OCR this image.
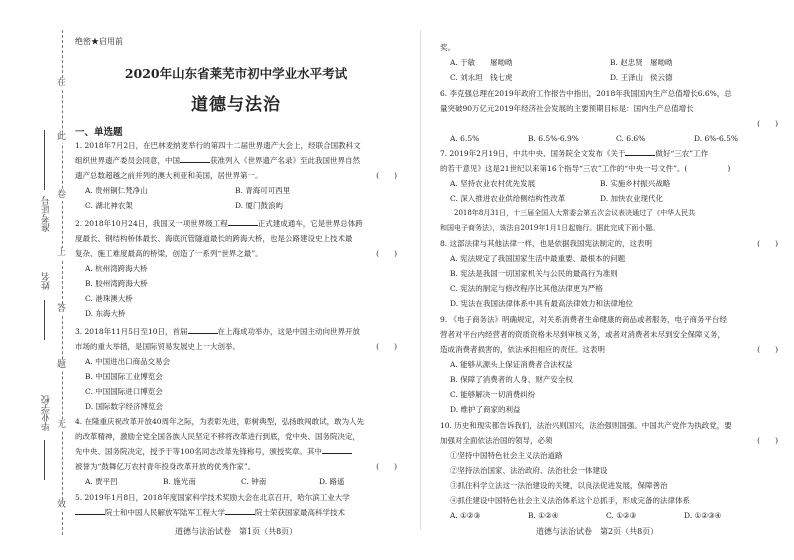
在
此
卷
上
答
题
无
效
准考证号
姓名
毕业学校
绝密★启用前
2020年山东省莱芜市初中学业水平考试
道德与法治
一、单选题
1. 2018年7月2日，在巴林麦纳麦举行的第四十二届世界遗产大会上，经联合国教科文
组织世界遗产委员会同意，中国	获准列入《世界遗产名录》至此我国世界自然
遗产总数超越之前并列的澳大利亚和美国，居世界第一。	(　　)
A. 贵州铜仁梵净山	B. 青海可可西里
C. 湖北神农架	D. 厦门鼓浪屿
2. 2018年10月24日，我国又一项世界级工程	正式建成通车，它是世界总体跨
度最长、钢结构桥体最长、海底沉管隧道最长的跨海大桥，也是公路建设史上技术最
复杂、施工难度最高的桥梁，创造了一系列“世界之最”。	(　　)
A. 杭州湾跨海大桥
B. 胶州湾跨海大桥
C. 港珠澳大桥
D. 东海大桥
3. 2018年11月5日至10日，首届	在上海成功举办，这是中国主动向世界开放
市场的重大举措，是国际贸易发展史上一大创举。	(　　)
A. 中国进出口商品交易会
B. 中国国际工业博览会
C. 中国国际进口博览会
D. 国际数字经济博览会
4. 在隆重庆祝改革开放40周年之际，为表彰先进，彰树典型，弘扬敢闯敢试，敢为人先
的改革精神，激励全党全国各族人民坚定不移将改革进行到底，党中央、国务院决定，
先中央、国务院决定，授予于等100名同志改革先锋称号，颁授奖章。其中
被誉为“鼓舞亿万农村青年投身改革开放的优秀作家”。	(　　)
A. 贾平凹	B. 施光南	C. 钟南	D. 路遥
5. 2019年1月8日，2018年度国家科学技术奖励大会在北京召开，哈尔滨工业大学
院士和中国人民解放军陆军工程大学	院士荣获国家最高科学技术
道德与法治试卷　第1页（共8页）
奖。
A. 于敏 屠呦呦	B. 赵忠贤 屠呦呦
C. 刘永坦 钱七虎	D. 王泽山 侯云德
6. 李克强总理在2019年政府工作报告中指出，2018年我国国内生产总值增长6.6%，总
量突破90万亿元2019年经济社会发展的主要预期目标是：国内生产总值增长

(　　)
A. 6.5%	B. 6.5%-6.9%	C. 6.6%	D. 6%-6.5%
7. 2019年2月19日，中共中央、国务院全文发布《关于	做好“三农”工作
的若干意见》这是21世纪以来第16个指导“三农”工作的“中央一号文件”。(	)
A. 坚持农业农村优先发展	B. 实施乡村振兴战略
C. 深入推进农业供给侧结构性改革	D. 加快农业现代化
2018年8月31日，十三届全国人大常委会第五次会议表决通过了《中华人民共
和国电子商务法》，该法自2019年1月1日起施行。据此完成下面小题。
8. 这部法律与其他法律一样，也是依据我国宪法制定的，这表明	(　　)
A. 宪法规定了我国国家生活中最重要、最根本的问题
B. 宪法是我国一切国家机关与公民的最高行为准则
C. 宪法的制定与修改程序比其他法律更为严格
D. 宪法在我国法律体系中具有最高法律效力和法律地位
9. 《电子商务法》明确规定，对关系消费者生命健康的商品或者服务，电子商务平台经
营者对平台内经营者的资质资格未尽到审核义务，或者对消费者未尽到安全保障义务，
造成消费者损害的，依法承担相应的责任。这表明	(　　)
A. 能够从源头上保证消费者合法权益
B. 保障了消费者的人身、财产安全权
C. 能够解决一切消费纠纷
D. 维护了商家的利益
10. 历史和现实都告诉我们，法治兴则国兴，法治强则国强。中国共产党作为执政党，要
加强对全面依法治国的领导，必须	(　　)
①坚持中国特色社会主义法治道路
②坚持法治国家、法治政府、法治社会一体建设
③抓住科学立法这一法治建设的关键，以良法促进发展，保障善治
④抓住建设中国特色社会主义法治体系这个总抓手，形成完备的法律体系
A. ①②③	B. ①②④	C. ①②③	D. ①②③④
道德与法治试卷　第2页（共8页）
